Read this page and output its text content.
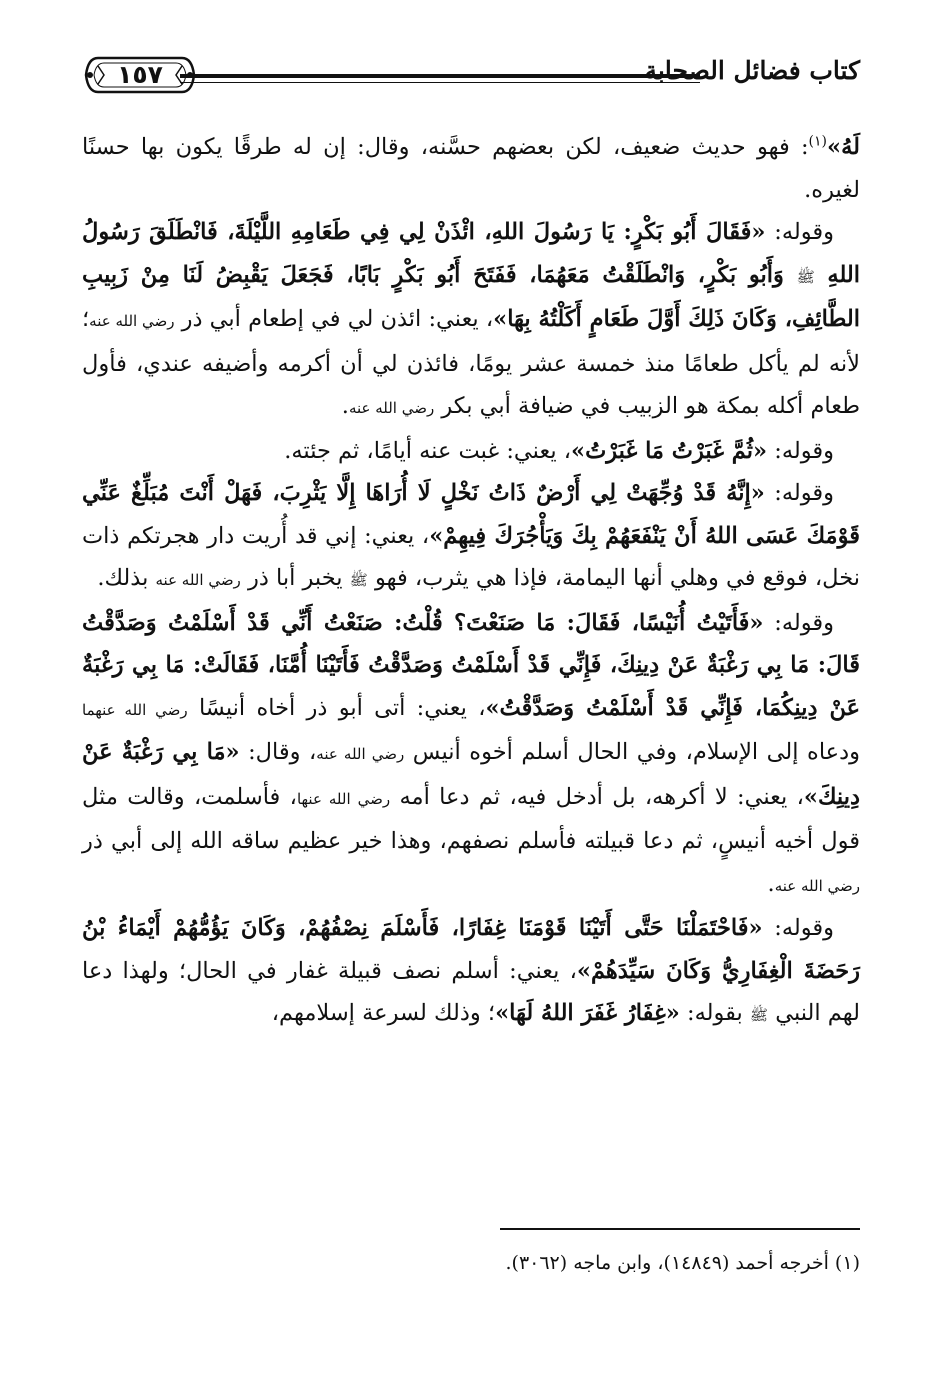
١٥٧	كتاب فضائل الصحابة

لَهُ»$^{(١)}$: فهو حديث ضعيف، لكن بعضهم حسَّنه، وقال: إن له طرقًا يكون بها حسنًا لغيره.

وقوله: «فَقَالَ أَبُو بَكْرٍ: يَا رَسُولَ اللهِ، ائْذَنْ لِي فِي طَعَامِهِ اللَّيْلَةَ، فَانْطَلَقَ رَسُولُ اللهِ ﷺ وَأَبُو بَكْرٍ، وَانْطَلَقْتُ مَعَهُمَا، فَفَتَحَ أَبُو بَكْرٍ بَابًا، فَجَعَلَ يَقْبِضُ لَنَا مِنْ زَبِيبِ الطَّائِفِ، وَكَانَ ذَلِكَ أَوَّلَ طَعَامٍ أَكَلْتُهُ بِهَا»، يعني: ائذن لي في إطعام أبي ذر رضي الله عنه؛ لأنه لم يأكل طعامًا منذ خمسة عشر يومًا، فائذن لي أن أكرمه وأضيفه عندي، فأول طعام أكله بمكة هو الزبيب في ضيافة أبي بكر رضي الله عنه.

وقوله: «ثُمَّ غَبَرْتُ مَا غَبَرْتُ»، يعني: غبت عنه أيامًا، ثم جئته.

وقوله: «إِنَّهُ قَدْ وُجِّهَتْ لِي أَرْضٌ ذَاتُ نَخْلٍ لَا أُرَاهَا إِلَّا يَثْرِبَ، فَهَلْ أَنْتَ مُبَلِّغٌ عَنِّي قَوْمَكَ عَسَى اللهُ أَنْ يَنْفَعَهُمْ بِكَ وَيَأْجُرَكَ فِيهِمْ»، يعني: إني قد أُريت دار هجرتكم ذات نخل، فوقع في وهلي أنها اليمامة، فإذا هي يثرب، فهو ﷺ يخبر أبا ذر رضي الله عنه بذلك.

وقوله: «فَأَتَيْتُ أُنَيْسًا، فَقَالَ: مَا صَنَعْتَ؟ قُلْتُ: صَنَعْتُ أَنِّي قَدْ أَسْلَمْتُ وَصَدَّقْتُ قَالَ: مَا بِي رَغْبَةٌ عَنْ دِينِكَ، فَإِنِّي قَدْ أَسْلَمْتُ وَصَدَّقْتُ فَأَتَيْنَا أُمَّنَا، فَقَالَتْ: مَا بِي رَغْبَةٌ عَنْ دِينِكُمَا، فَإِنِّي قَدْ أَسْلَمْتُ وَصَدَّقْتُ»، يعني: أتى أبو ذر أخاه أنيسًا رضي الله عنهما ودعاه إلى الإسلام، وفي الحال أسلم أخوه أنيس رضي الله عنه، وقال: «مَا بِي رَغْبَةٌ عَنْ دِينِكَ»، يعني: لا أكرهه، بل أدخل فيه، ثم دعا أمه رضي الله عنها، فأسلمت، وقالت مثل قول أخيه أنيسٍ، ثم دعا قبيلته فأسلم نصفهم، وهذا خير عظيم ساقه الله إلى أبي ذر رضي الله عنه.

وقوله: «فَاحْتَمَلْنَا حَتَّى أَتَيْنَا قَوْمَنَا غِفَارًا، فَأَسْلَمَ نِصْفُهُمْ، وَكَانَ يَؤُمُّهُمْ أَيْمَاءُ بْنُ رَحَضَةَ الْغِفَارِيُّ وَكَانَ سَيِّدَهُمْ»، يعني: أسلم نصف قبيلة غفار في الحال؛ ولهذا دعا لهم النبي ﷺ بقوله: «غِفَارُ غَفَرَ اللهُ لَهَا»؛ وذلك لسرعة إسلامهم،

(١) أخرجه أحمد (١٤٨٤٩)، وابن ماجه (٣٠٦٢).
